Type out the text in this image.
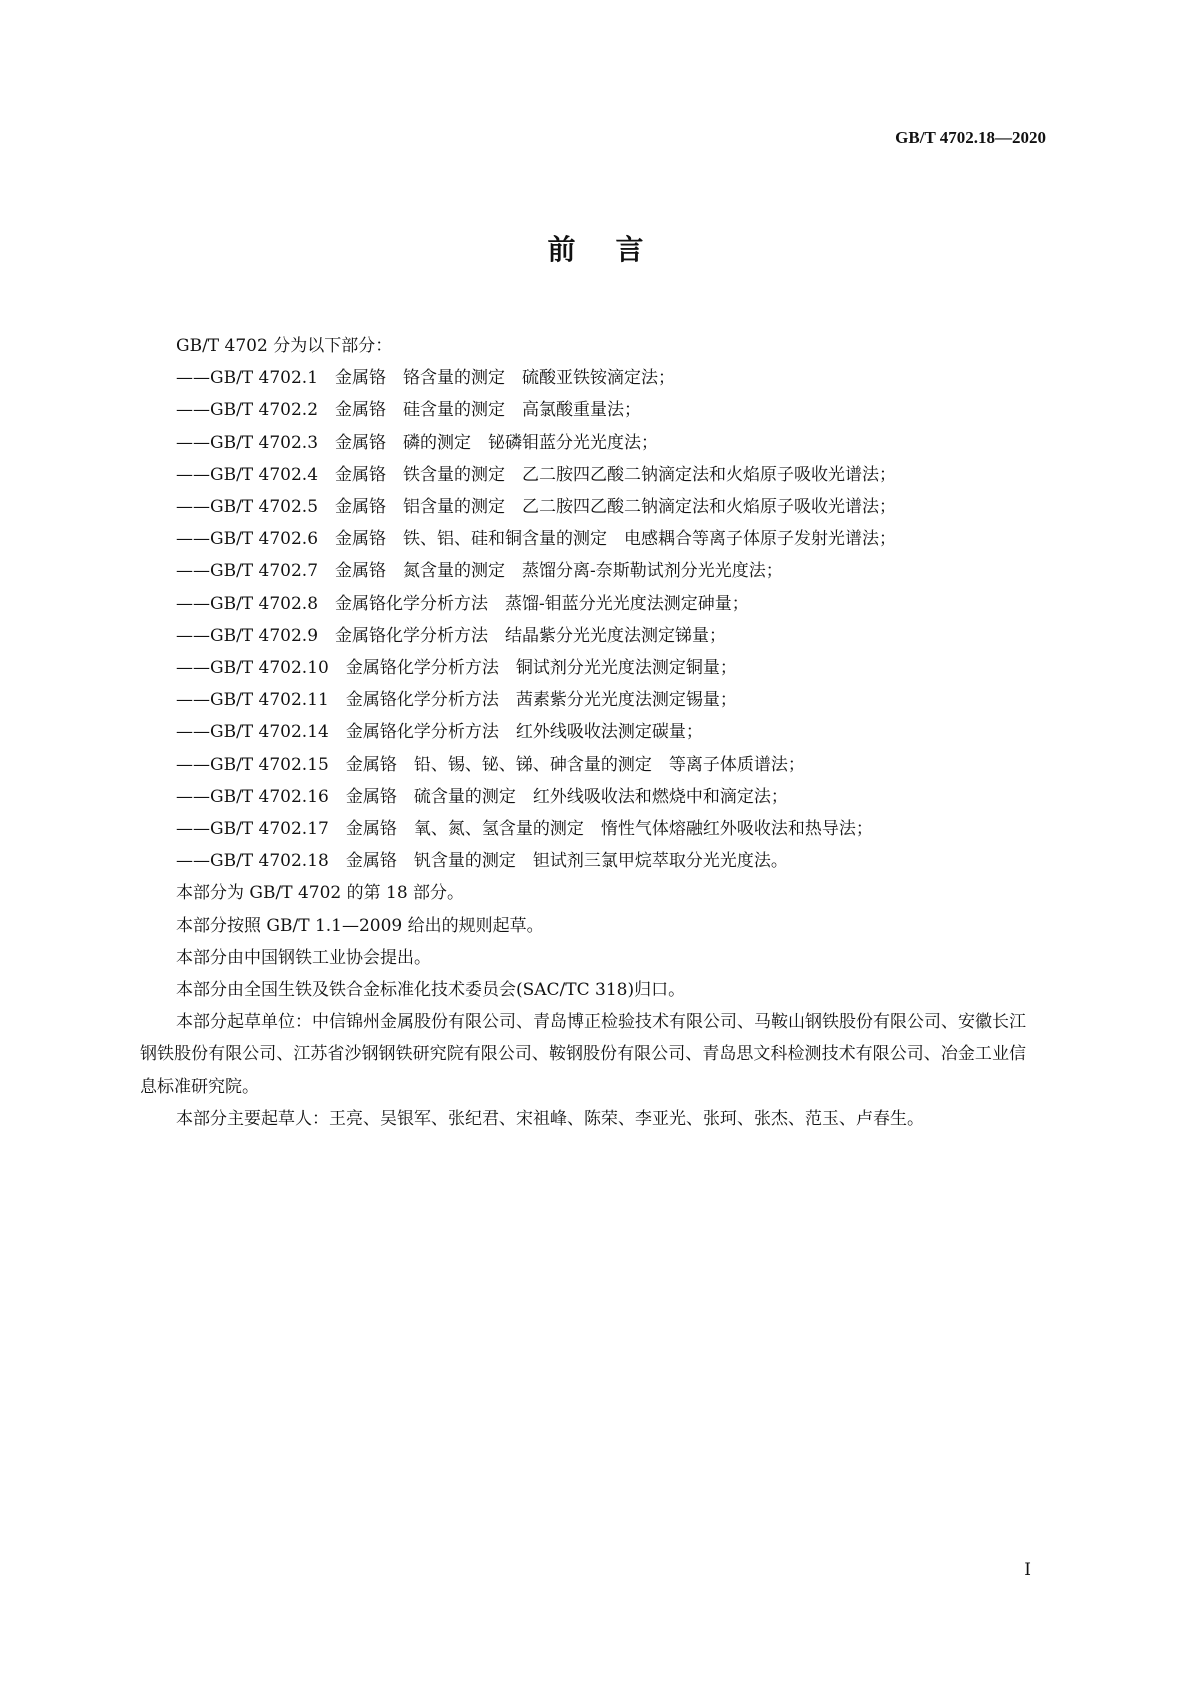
GB/T 4702.18—2020
前言

GB/T 4702 分为以下部分：

——GB/T 4702.1　金属铬　铬含量的测定　硫酸亚铁铵滴定法；

——GB/T 4702.2　金属铬　硅含量的测定　高氯酸重量法；

——GB/T 4702.3　金属铬　磷的测定　铋磷钼蓝分光光度法；

——GB/T 4702.4　金属铬　铁含量的测定　乙二胺四乙酸二钠滴定法和火焰原子吸收光谱法；

——GB/T 4702.5　金属铬　铝含量的测定　乙二胺四乙酸二钠滴定法和火焰原子吸收光谱法；

——GB/T 4702.6　金属铬　铁、铝、硅和铜含量的测定　电感耦合等离子体原子发射光谱法；

——GB/T 4702.7　金属铬　氮含量的测定　蒸馏分离-奈斯勒试剂分光光度法；

——GB/T 4702.8　金属铬化学分析方法　蒸馏-钼蓝分光光度法测定砷量；

——GB/T 4702.9　金属铬化学分析方法　结晶紫分光光度法测定锑量；

——GB/T 4702.10　金属铬化学分析方法　铜试剂分光光度法测定铜量；

——GB/T 4702.11　金属铬化学分析方法　茜素紫分光光度法测定锡量；

——GB/T 4702.14　金属铬化学分析方法　红外线吸收法测定碳量；

——GB/T 4702.15　金属铬　铅、锡、铋、锑、砷含量的测定　等离子体质谱法；

——GB/T 4702.16　金属铬　硫含量的测定　红外线吸收法和燃烧中和滴定法；

——GB/T 4702.17　金属铬　氧、氮、氢含量的测定　惰性气体熔融红外吸收法和热导法；

——GB/T 4702.18　金属铬　钒含量的测定　钽试剂三氯甲烷萃取分光光度法。

本部分为 GB/T 4702 的第 18 部分。

本部分按照 GB/T 1.1—2009 给出的规则起草。

本部分由中国钢铁工业协会提出。

本部分由全国生铁及铁合金标准化技术委员会(SAC/TC 318)归口。

本部分起草单位：中信锦州金属股份有限公司、青岛博正检验技术有限公司、马鞍山钢铁股份有限公司、安徽长江钢铁股份有限公司、江苏省沙钢钢铁研究院有限公司、鞍钢股份有限公司、青岛思文科检测技术有限公司、冶金工业信息标准研究院。

本部分主要起草人：王亮、吴银军、张纪君、宋祖峰、陈荣、李亚光、张珂、张杰、范玉、卢春生。

I
